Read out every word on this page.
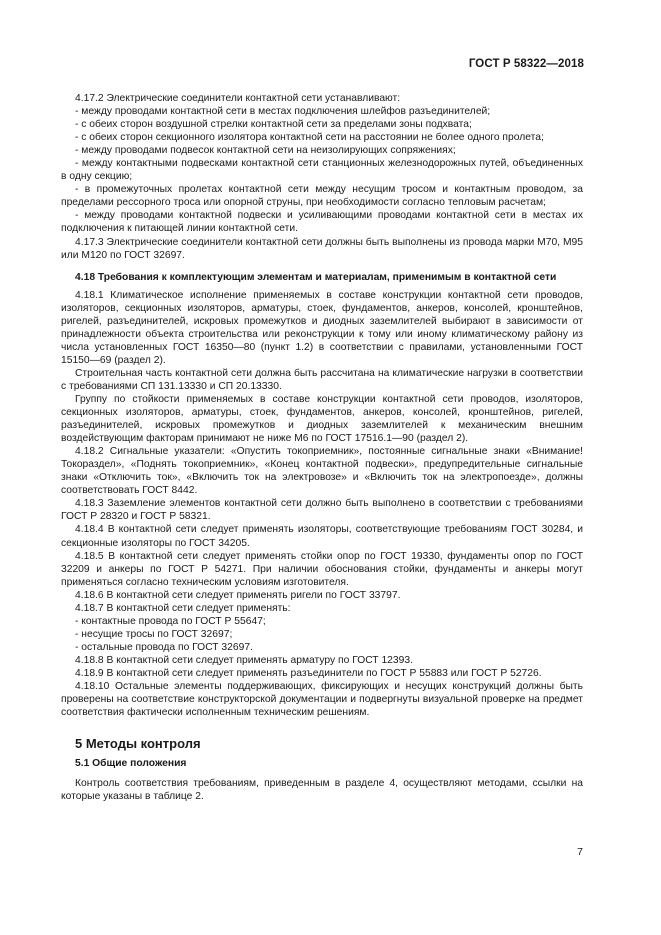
ГОСТ Р 58322—2018

4.17.2 Электрические соединители контактной сети устанавливают:

- между проводами контактной сети в местах подключения шлейфов разъединителей;

- с обеих сторон воздушной стрелки контактной сети за пределами зоны подхвата;

- с обеих сторон секционного изолятора контактной сети на расстоянии не более одного пролета;

- между проводами подвесок контактной сети на неизолирующих сопряжениях;

- между контактными подвесками контактной сети станционных железнодорожных путей, объединенных в одну секцию;

- в промежуточных пролетах контактной сети между несущим тросом и контактным проводом, за пределами рессорного троса или опорной струны, при необходимости согласно тепловым расчетам;

- между проводами контактной подвески и усиливающими проводами контактной сети в местах их подключения к питающей линии контактной сети.

4.17.3 Электрические соединители контактной сети должны быть выполнены из провода марки М70, М95 или М120 по ГОСТ 32697.

4.18 Требования к комплектующим элементам и материалам, применимым в контактной сети

4.18.1 Климатическое исполнение применяемых в составе конструкции контактной сети проводов, изоляторов, секционных изоляторов, арматуры, стоек, фундаментов, анкеров, консолей, кронштейнов, ригелей, разъединителей, искровых промежутков и диодных заземлителей выбирают в зависимости от принадлежности объекта строительства или реконструкции к тому или иному климатическому району из числа установленных ГОСТ 16350—80 (пункт 1.2) в соответствии с правилами, установленными ГОСТ 15150—69 (раздел 2).

Строительная часть контактной сети должна быть рассчитана на климатические нагрузки в соответствии с требованиями СП 131.13330 и СП 20.13330.

Группу по стойкости применяемых в составе конструкции контактной сети проводов, изоляторов, секционных изоляторов, арматуры, стоек, фундаментов, анкеров, консолей, кронштейнов, ригелей, разъединителей, искровых промежутков и диодных заземлителей к механическим внешним воздействующим факторам принимают не ниже М6 по ГОСТ 17516.1—90 (раздел 2).

4.18.2 Сигнальные указатели: «Опустить токоприемник», постоянные сигнальные знаки «Внимание! Токораздел», «Поднять токоприемник», «Конец контактной подвески», предупредительные сигнальные знаки «Отключить ток», «Включить ток на электровозе» и «Включить ток на электропоезде», должны соответствовать ГОСТ 8442.

4.18.3 Заземление элементов контактной сети должно быть выполнено в соответствии с требованиями ГОСТ Р 28320 и ГОСТ Р 58321.

4.18.4 В контактной сети следует применять изоляторы, соответствующие требованиям ГОСТ 30284, и секционные изоляторы по ГОСТ 34205.

4.18.5 В контактной сети следует применять стойки опор по ГОСТ 19330, фундаменты опор по ГОСТ 32209 и анкеры по ГОСТ Р 54271. При наличии обоснования стойки, фундаменты и анкеры могут применяться согласно техническим условиям изготовителя.

4.18.6 В контактной сети следует применять ригели по ГОСТ 33797.

4.18.7 В контактной сети следует применять:

- контактные провода по ГОСТ Р 55647;

- несущие тросы по ГОСТ 32697;

- остальные провода по ГОСТ 32697.

4.18.8 В контактной сети следует применять арматуру по ГОСТ 12393.

4.18.9 В контактной сети следует применять разъединители по ГОСТ Р 55883 или ГОСТ Р 52726.

4.18.10 Остальные элементы поддерживающих, фиксирующих и несущих конструкций должны быть проверены на соответствие конструкторской документации и подвергнуты визуальной проверке на предмет соответствия фактически исполненным техническим решениям.

5 Методы контроля
5.1 Общие положения

Контроль соответствия требованиям, приведенным в разделе 4, осуществляют методами, ссылки на которые указаны в таблице 2.

7
